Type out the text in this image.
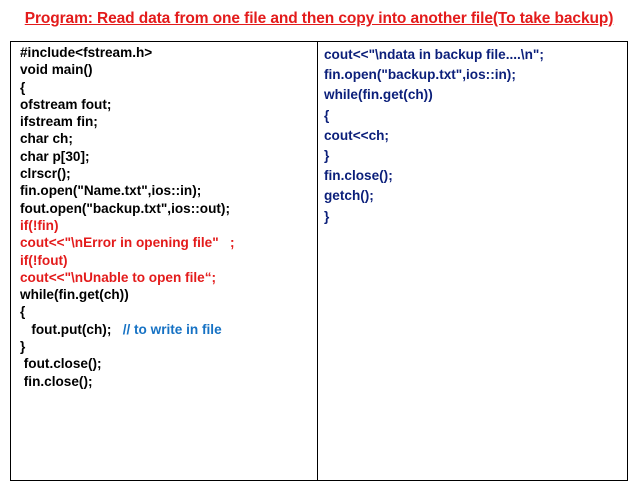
Program: Read data from one file and then copy into another file(To take backup)
#include<fstream.h>
void main()
{
ofstream fout;
ifstream fin;
char ch;
char p[30];
clrscr();
fin.open("Name.txt",ios::in);
fout.open("backup.txt",ios::out);
if(!fin)
cout<<"\nError in opening file"   ;
if(!fout)
cout<<"\nUnable to open file“;
while(fin.get(ch))
{
fout.put(ch);   // to write in file
}
fout.close();
fin.close();
cout<<"\ndata in backup file....\n";
fin.open("backup.txt",ios::in);
while(fin.get(ch))
{
cout<<ch;
}
fin.close();
getch();
}
